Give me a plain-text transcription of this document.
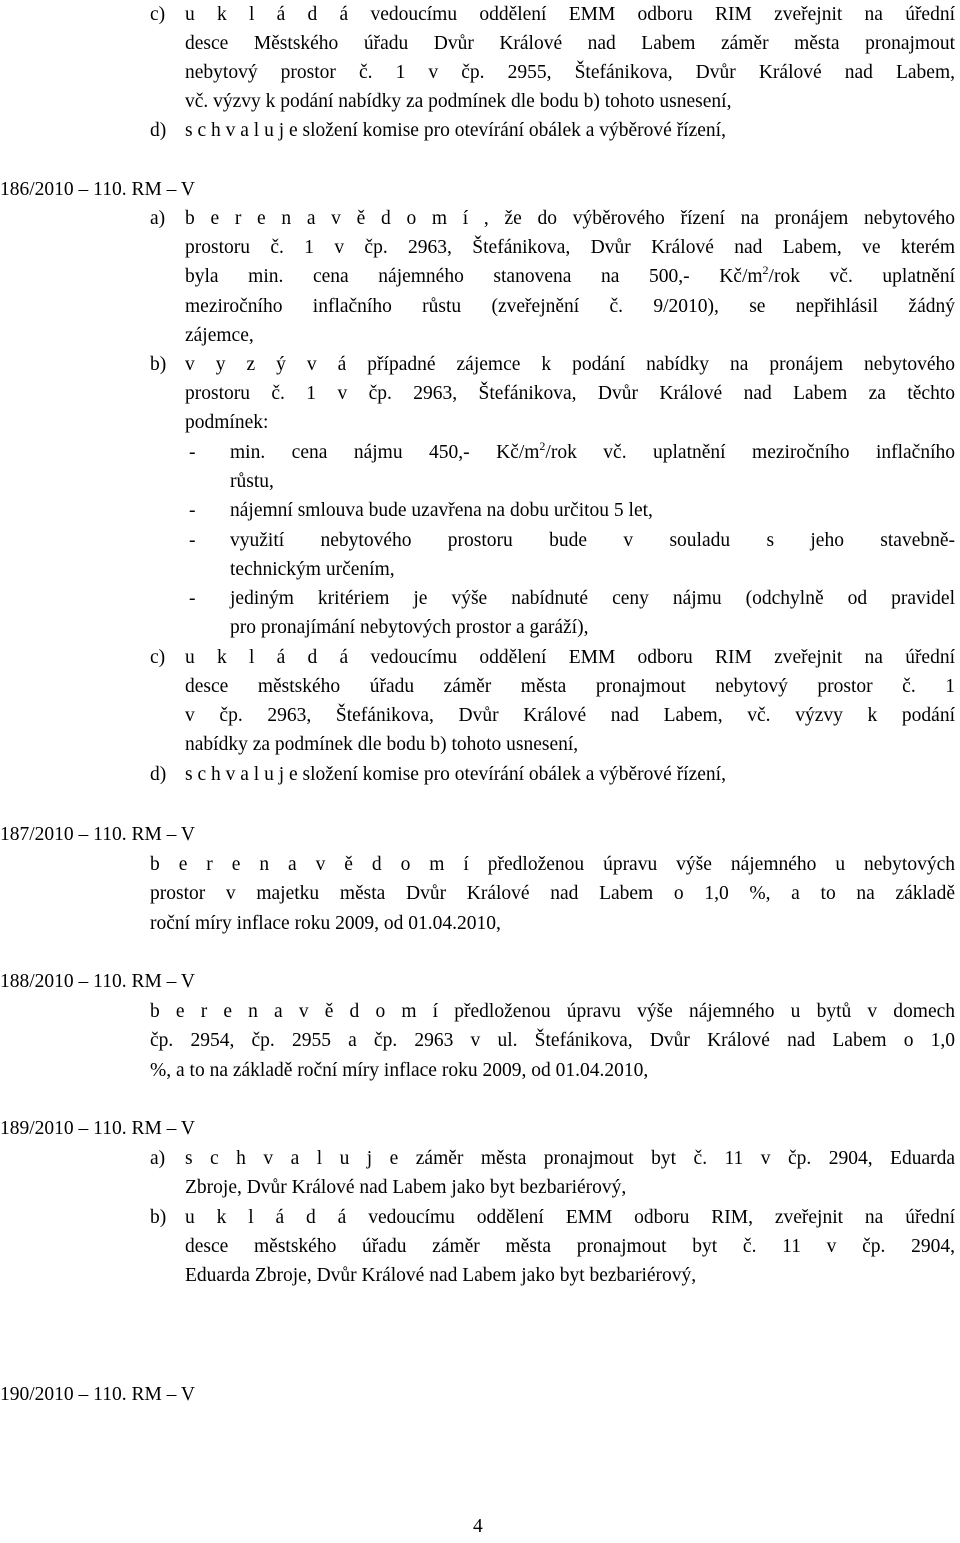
c) u k l á d á vedoucímu oddělení EMM odboru RIM zveřejnit na úřední
desce Městského úřadu Dvůr Králové nad Labem záměr města pronajmout
nebytový prostor č. 1 v čp. 2955, Štefánikova, Dvůr Králové nad Labem,
vč. výzvy k podání nabídky za podmínek dle bodu b) tohoto usnesení,
d) s c h v a l u j e složení komise pro otevírání obálek a výběrové řízení,
186/2010 – 110. RM – V
a) b e r e n a v ě d o m í , že do výběrového řízení na pronájem nebytového
prostoru č. 1 v čp. 2963, Štefánikova, Dvůr Králové nad Labem, ve kterém
byla min. cena nájemného stanovena na 500,- $Kč/m^2$/rok vč. uplatnění
meziročního inflačního růstu (zveřejnění č. 9/2010), se nepřihlásil žádný
zájemce,
b) v y z ý v á případné zájemce k podání nabídky na pronájem nebytového
prostoru č. 1 v čp. 2963, Štefánikova, Dvůr Králové nad Labem za těchto
podmínek:
- min. cena nájmu 450,- $Kč/m^2$/rok vč. uplatnění meziročního inflačního
růstu,
- nájemní smlouva bude uzavřena na dobu určitou 5 let,
- využití nebytového prostoru bude v souladu s jeho stavebně-
technickým určením,
- jediným kritériem je výše nabídnuté ceny nájmu (odchylně od pravidel
pro pronajímání nebytových prostor a garáží),
c) u k l á d á vedoucímu oddělení EMM odboru RIM zveřejnit na úřední
desce městského úřadu záměr města pronajmout nebytový prostor č. 1
v čp. 2963, Štefánikova, Dvůr Králové nad Labem, vč. výzvy k podání
nabídky za podmínek dle bodu b) tohoto usnesení,
d) s c h v a l u j e složení komise pro otevírání obálek a výběrové řízení,
187/2010 – 110. RM – V
b e r e n a v ě d o m í předloženou úpravu výše nájemného u nebytových
prostor v majetku města Dvůr Králové nad Labem o 1,0 %, a to na základě
roční míry inflace roku 2009, od 01.04.2010,
188/2010 – 110. RM – V
b e r e n a v ě d o m í předloženou úpravu výše nájemného u bytů v domech
čp. 2954, čp. 2955 a čp. 2963 v ul. Štefánikova, Dvůr Králové nad Labem o 1,0
%, a to na základě roční míry inflace roku 2009, od 01.04.2010,
189/2010 – 110. RM – V
a) s c h v a l u j e záměr města pronajmout byt č. 11 v čp. 2904, Eduarda
Zbroje, Dvůr Králové nad Labem jako byt bezbariérový,
b) u k l á d á vedoucímu oddělení EMM odboru RIM, zveřejnit na úřední
desce městského úřadu záměr města pronajmout byt č. 11 v čp. 2904,
Eduarda Zbroje, Dvůr Králové nad Labem jako byt bezbariérový,
190/2010 – 110. RM – V
4
